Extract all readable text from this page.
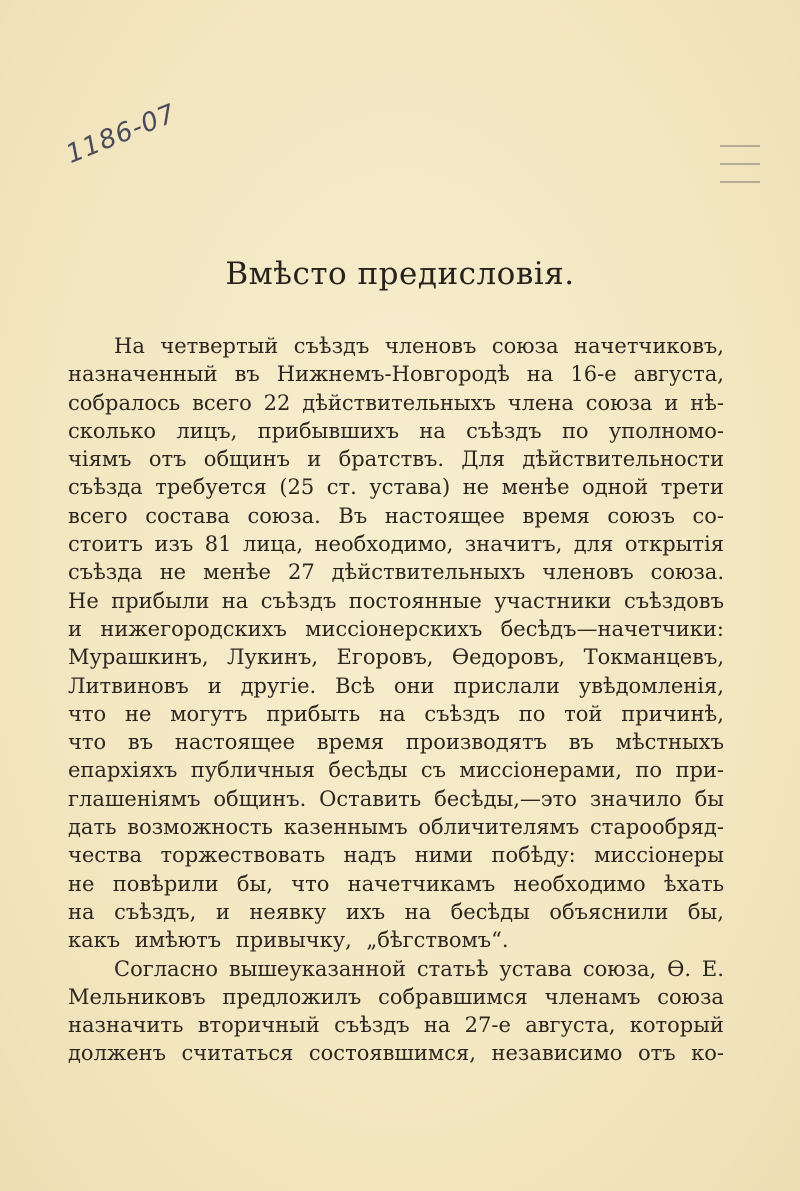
1186-07
Вмѣсто предисловія.
На четвертый съѣздъ членовъ союза начетчиковъ,
назначенный въ Нижнемъ-Новгородѣ на 16-е августа,
собралось всего 22 дѣйствительныхъ члена союза и нѣ-
сколько лицъ, прибывшихъ на съѣздъ по уполномо-
чіямъ отъ общинъ и братствъ. Для дѣйствительности
съѣзда требуется (25 ст. устава) не менѣе одной трети
всего состава союза. Въ настоящее время союзъ со-
стоитъ изъ 81 лица, необходимо, значитъ, для открытія
съѣзда не менѣе 27 дѣйствительныхъ членовъ союза.
Не прибыли на съѣздъ постоянные участники съѣздовъ
и нижегородскихъ миссіонерскихъ бесѣдъ—начетчики:
Мурашкинъ, Лукинъ, Егоровъ, Ѳедоровъ, Токманцевъ,
Литвиновъ и другіе. Всѣ они прислали увѣдомленія,
что не могутъ прибыть на съѣздъ по той причинѣ,
что въ настоящее время производятъ въ мѣстныхъ
епархіяхъ публичныя бесѣды съ миссіонерами, по при-
глашеніямъ общинъ. Оставить бесѣды,—это значило бы
дать возможность казеннымъ обличителямъ старообряд-
чества торжествовать надъ ними побѣду: миссіонеры
не повѣрили бы, что начетчикамъ необходимо ѣхать
на съѣздъ, и неявку ихъ на бесѣды объяснили бы,
какъ имѣютъ привычку, „бѣгствомъ“.
Согласно вышеуказанной статьѣ устава союза, Ѳ. Е.
Мельниковъ предложилъ собравшимся членамъ союза
назначить вторичный съѣздъ на 27-е августа, который
долженъ считаться состоявшимся, независимо отъ ко-
